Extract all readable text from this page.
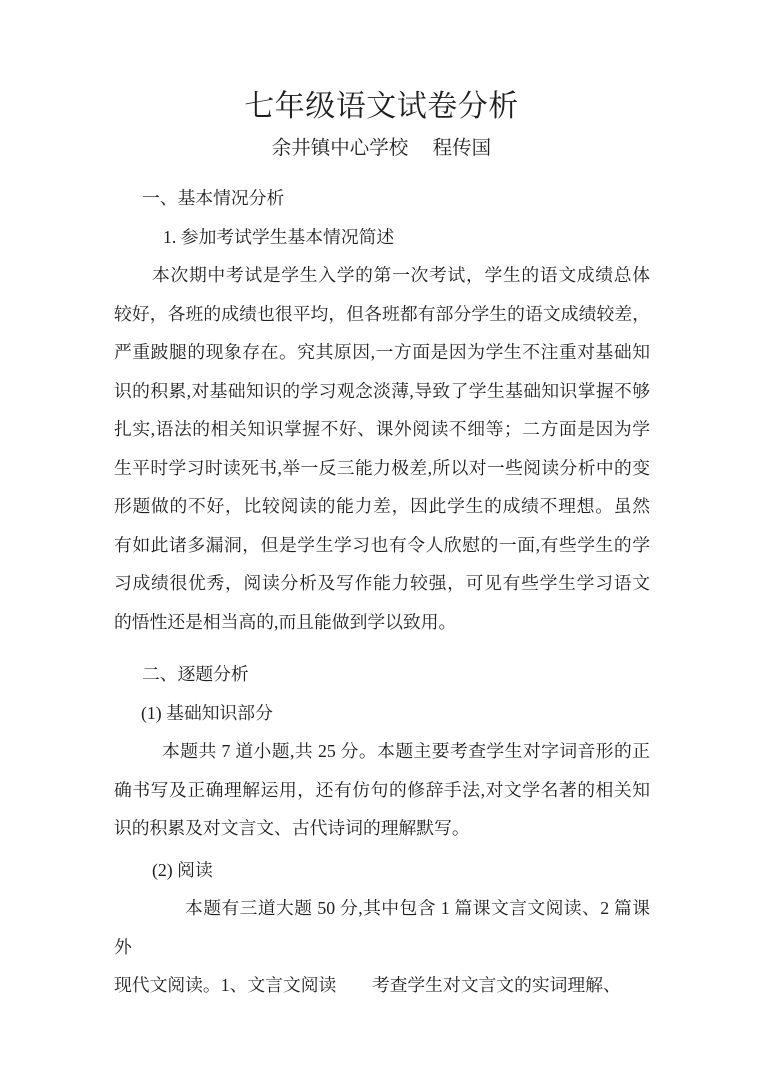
七年级语文试卷分析
余井镇中心学校　 程传国
一、基本情况分析
1. 参加考试学生基本情况简述
本次期中考试是学生入学的第一次考试，学生的语文成绩总体
较好，各班的成绩也很平均，但各班都有部分学生的语文成绩较差，
严重跛腿的现象存在。究其原因,一方面是因为学生不注重对基础知
识的积累,对基础知识的学习观念淡薄,导致了学生基础知识掌握不够
扎实,语法的相关知识掌握不好、课外阅读不细等；二方面是因为学
生平时学习时读死书,举一反三能力极差,所以对一些阅读分析中的变
形题做的不好，比较阅读的能力差，因此学生的成绩不理想。虽然
有如此诸多漏洞，但是学生学习也有令人欣慰的一面,有些学生的学
习成绩很优秀，阅读分析及写作能力较强，可见有些学生学习语文
的悟性还是相当高的,而且能做到学以致用。
二、逐题分析
(1) 基础知识部分
本题共 7 道小题,共 25 分。本题主要考查学生对字词音形的正
确书写及正确理解运用，还有仿句的修辞手法,对文学名著的相关知
识的积累及对文言文、古代诗词的理解默写。
(2) 阅读
本题有三道大题 50 分,其中包含 1 篇课文言文阅读、2 篇课外
现代文阅读。1、文言文阅读　　考查学生对文言文的实词理解、
